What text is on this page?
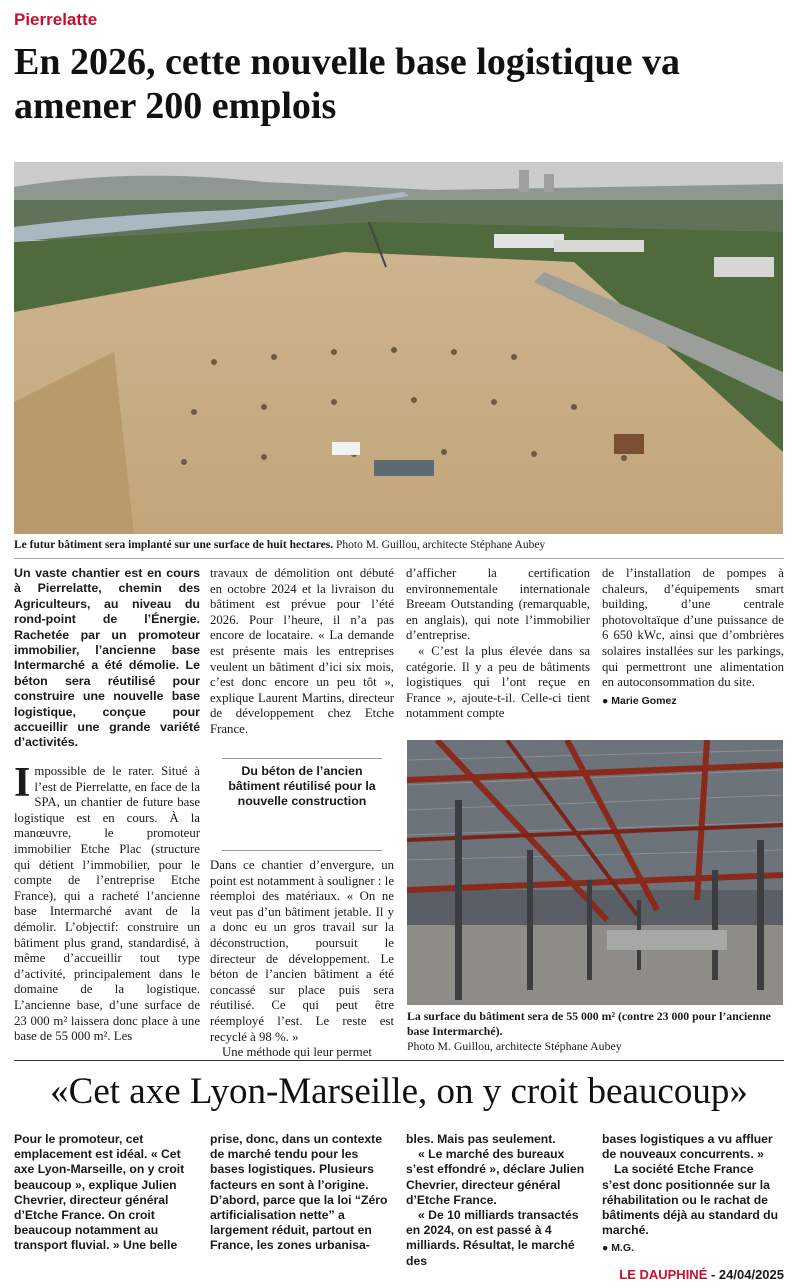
Pierrelatte
En 2026, cette nouvelle base logistique va amener 200 emplois
Le futur bâtiment sera implanté sur une surface de huit hectares. Photo M. Guillou, architecte Stéphane Aubey
Un vaste chantier est en cours à Pierrelatte, chemin des Agriculteurs, au niveau du rond-point de l’Énergie. Rachetée par un promoteur immobilier, l’ancienne base Intermarché a été démolie. Le béton sera réutilisé pour construire une nouvelle base logistique, conçue pour accueillir une grande variété d’activités.

Impossible de le rater. Situé à l’est de Pierrelatte, en face de la SPA, un chantier de future base logistique est en cours. À la manœuvre, le promoteur immobilier Etche Plac (structure qui détient l’immobilier, pour le compte de l’entreprise Etche France), qui a racheté l’ancienne base Intermarché avant de la démolir. L’objectif: construire un bâtiment plus grand, standardisé, à même d’accueillir tout type d’activité, principalement dans le domaine de la logistique. L’ancienne base, d’une surface de 23 000 m² laissera donc place à une base de 55 000 m². Les

travaux de démolition ont débuté en octobre 2024 et la livraison du bâtiment est prévue pour l’été 2026. Pour l’heure, il n’a pas encore de locataire. « La demande est présente mais les entreprises veulent un bâtiment d’ici six mois, c’est donc encore un peu tôt », explique Laurent Martins, directeur de développement chez Etche France.

Du béton de l’ancien bâtiment réutilisé pour la nouvelle construction

Dans ce chantier d’envergure, un point est notamment à souligner : le réemploi des matériaux. « On ne veut pas d’un bâtiment jetable. Il y a donc eu un gros travail sur la déconstruction, poursuit le directeur de développement. Le béton de l’ancien bâtiment a été concassé sur place puis sera réutilisé. Ce qui peut être réemployé l’est. Le reste est recyclé à 98 %. »

Une méthode qui leur permet

d’afficher la certification environnementale internationale Breeam Outstanding (remarquable, en anglais), qui note l’immobilier d’entreprise.

« C’est la plus élevée dans sa catégorie. Il y a peu de bâtiments logistiques qui l’ont reçue en France », ajoute-t-il. Celle-ci tient notamment compte

de l’installation de pompes à chaleurs, d’équipements smart building, d’une centrale photovoltaïque d’une puissance de 6 650 kWc, ainsi que d’ombrières solaires installées sur les parkings, qui permettront une alimentation en autoconsommation du site.

● Marie Gomez
La surface du bâtiment sera de 55 000 m² (contre 23 000 pour l’ancienne base Intermarché).
Photo M. Guillou, architecte Stéphane Aubey
«Cet axe Lyon-Marseille, on y croit beaucoup»

Pour le promoteur, cet emplacement est idéal. « Cet axe Lyon-Marseille, on y croit beaucoup », explique Julien Chevrier, directeur général d’Etche France. On croit beaucoup notamment au transport fluvial. » Une belle

prise, donc, dans un contexte de marché tendu pour les bases logistiques. Plusieurs facteurs en sont à l’origine. D’abord, parce que la loi “Zéro artificialisation nette” a largement réduit, partout en France, les zones urbanisa-

bles. Mais pas seulement.

« Le marché des bureaux s’est effondré », déclare Julien Chevrier, directeur général d’Etche France.

« De 10 milliards transactés en 2024, on est passé à 4 milliards. Résultat, le marché des

bases logistiques a vu affluer de nouveaux concurrents. »

La société Etche France s’est donc positionnée sur la réhabilitation ou le rachat de bâtiments déjà au standard du marché.

● M.G.
LE DAUPHINÉ - 24/04/2025
